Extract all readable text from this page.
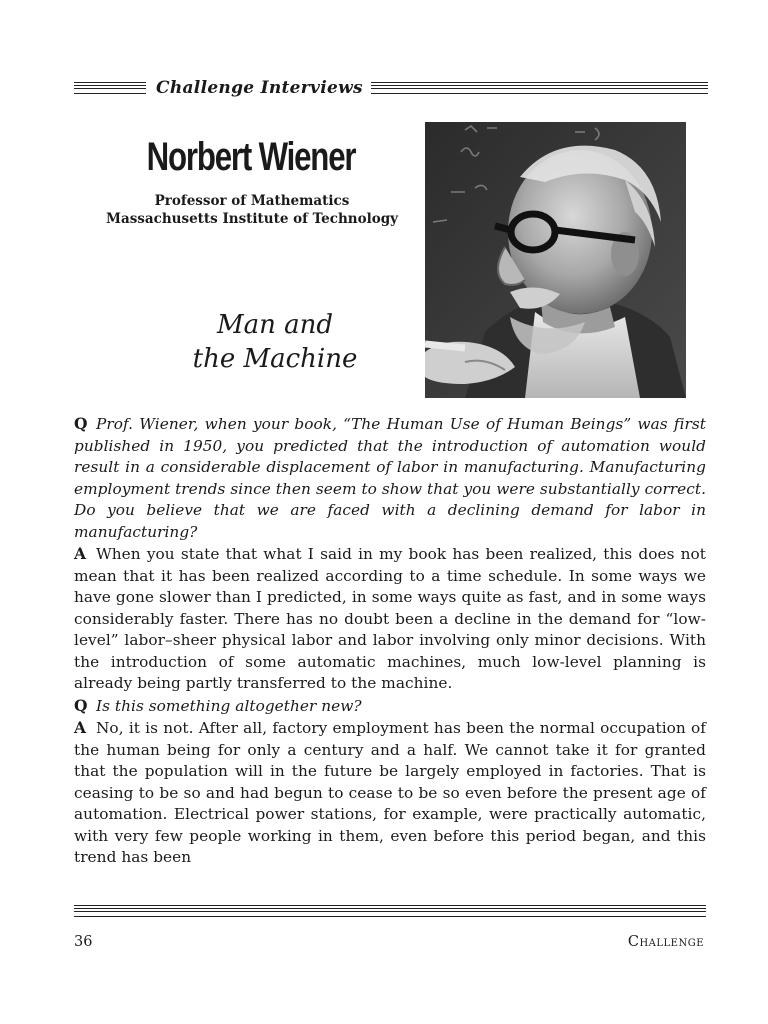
Challenge Interviews
Norbert Wiener
Professor of Mathematics
Massachusetts Institute of Technology
Man and
the Machine

Q Prof. Wiener, when your book, “The Human Use of Human Beings” was first published in 1950, you predicted that the introduction of automation would result in a considerable displacement of labor in manufacturing. Manufacturing employment trends since then seem to show that you were substantially correct. Do you believe that we are faced with a declining demand for labor in manufacturing?

A When you state that what I said in my book has been realized, this does not mean that it has been realized according to a time schedule. In some ways we have gone slower than I predicted, in some ways quite as fast, and in some ways considerably faster. There has no doubt been a decline in the demand for “low-level” labor–sheer physical labor and labor involving only minor decisions. With the introduction of some automatic machines, much low-level planning is already being partly transferred to the machine.

Q Is this something altogether new?

A No, it is not. After all, factory employment has been the normal occupation of the human being for only a century and a half. We cannot take it for granted that the population will in the future be largely employed in factories. That is ceasing to be so and had begun to cease to be so even before the present age of automation. Electrical power stations, for example, were practically automatic, with very few people working in them, even before this period began, and this trend has been

36	Challenge
